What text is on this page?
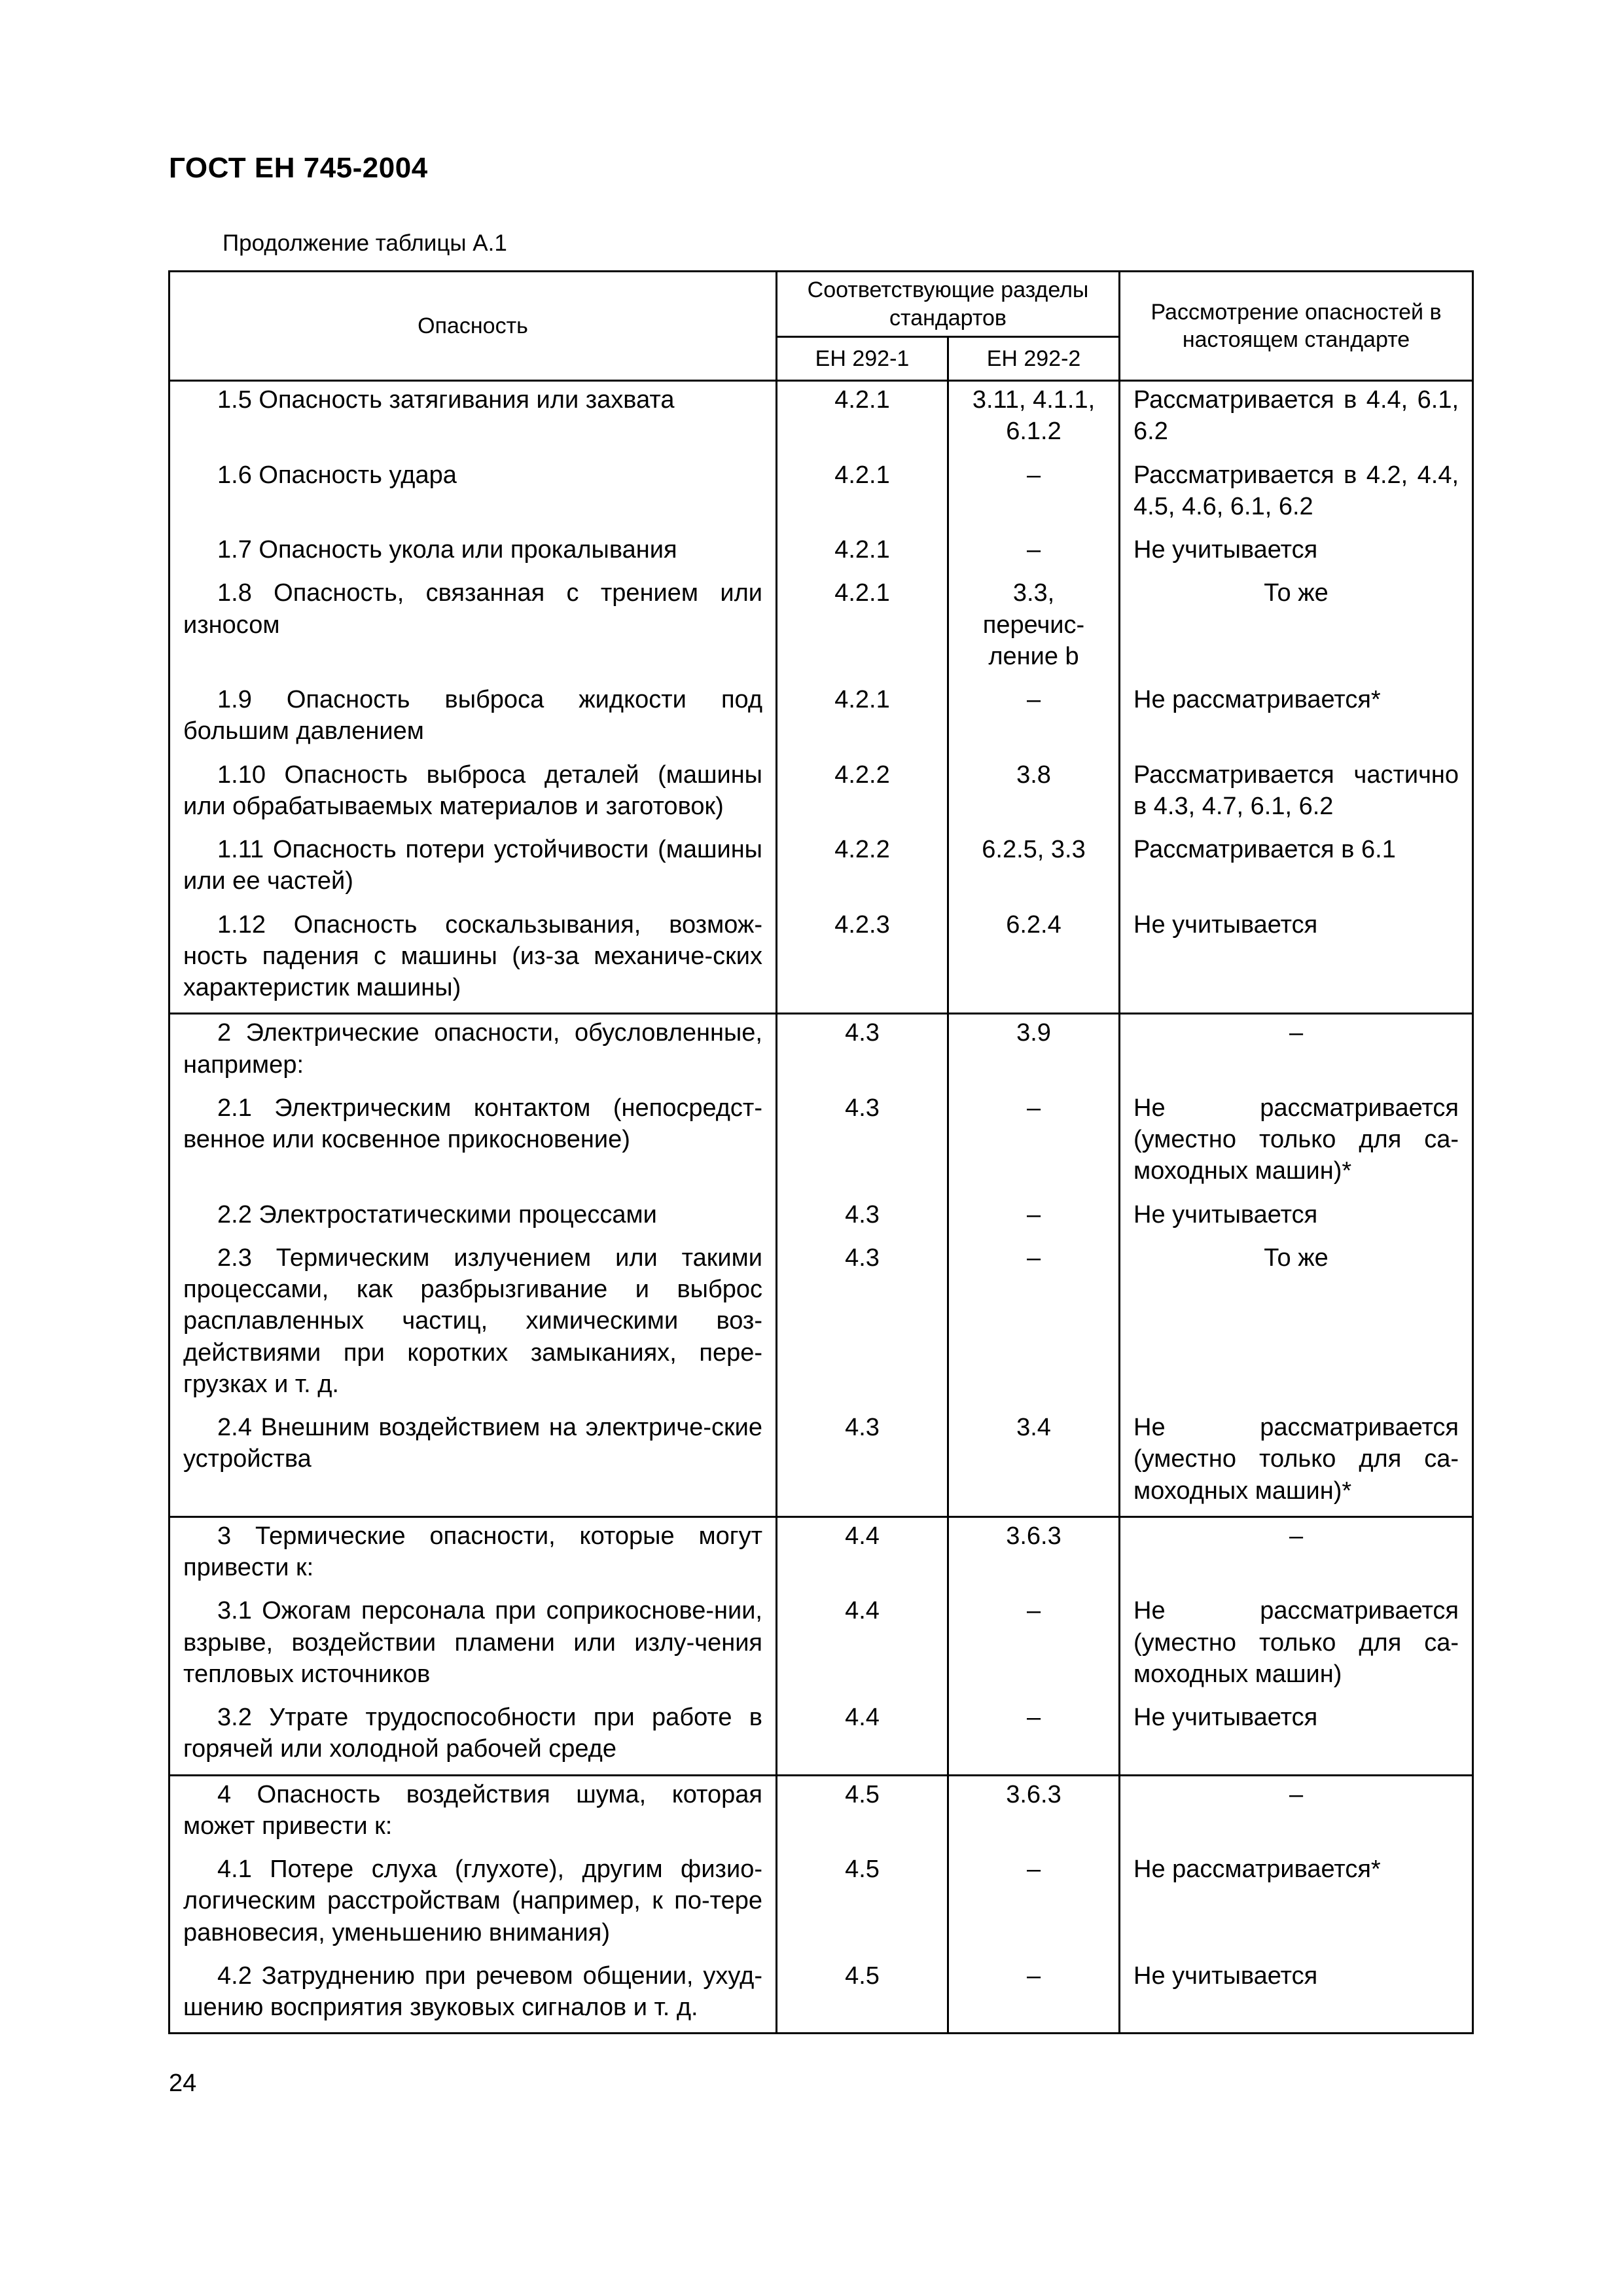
ГОСТ ЕН 745-2004
Продолжение таблицы А.1
Опасность	Соответствующие разделы стандартов		Рассмотрение опасностей в настоящем стандарте
	ЕН 292-1	ЕН 292-2	
1.5 Опасность затягивания или захвата	4.2.1	3.11, 4.1.1, 6.1.2	Рассматривается в 4.4, 6.1, 6.2
1.6 Опасность удара	4.2.1	–	Рассматривается в 4.2, 4.4, 4.5, 4.6, 6.1, 6.2
1.7 Опасность укола или прокалывания	4.2.1	–	Не учитывается
1.8 Опасность, связанная с трением или износом	4.2.1	3.3, перечис-ление b	То же
1.9 Опасность выброса жидкости под большим давлением	4.2.1	–	Не рассматривается*
1.10 Опасность выброса деталей (машины или обрабатываемых материалов и заготовок)	4.2.2	3.8	Рассматривается частично в 4.3, 4.7, 6.1, 6.2
1.11 Опасность потери устойчивости (машины или ее частей)	4.2.2	6.2.5, 3.3	Рассматривается в 6.1
1.12 Опасность соскальзывания, возмож-ность падения с машины (из-за механиче-ских характеристик машины)	4.2.3	6.2.4	Не учитывается
2 Электрические опасности, обусловленные, например:	4.3	3.9	–
2.1 Электрическим контактом (непосредст-венное или косвенное прикосновение)	4.3	–	Не рассматривается (уместно только для са-моходных машин)*
2.2 Электростатическими процессами	4.3	–	Не учитывается
2.3 Термическим излучением или такими процессами, как разбрызгивание и выброс расплавленных частиц, химическими воз-действиями при коротких замыканиях, пере-грузках и т. д.	4.3	–	То же
2.4 Внешним воздействием на электриче-ские устройства	4.3	3.4	Не рассматривается (уместно только для са-моходных машин)*
3 Термические опасности, которые могут привести к:	4.4	3.6.3	–
3.1 Ожогам персонала при соприкоснове-нии, взрыве, воздействии пламени или излу-чения тепловых источников	4.4	–	Не рассматривается (уместно только для са-моходных машин)
3.2 Утрате трудоспособности при работе в горячей или холодной рабочей среде	4.4	–	Не учитывается
4 Опасность воздействия шума, которая может привести к:	4.5	3.6.3	–
4.1 Потере слуха (глухоте), другим физио-логическим расстройствам (например, к по-тере равновесия, уменьшению внимания)	4.5	–	Не рассматривается*
4.2 Затруднению при речевом общении, ухуд-шению восприятия звуковых сигналов и т. д.	4.5	–	Не учитывается
24
